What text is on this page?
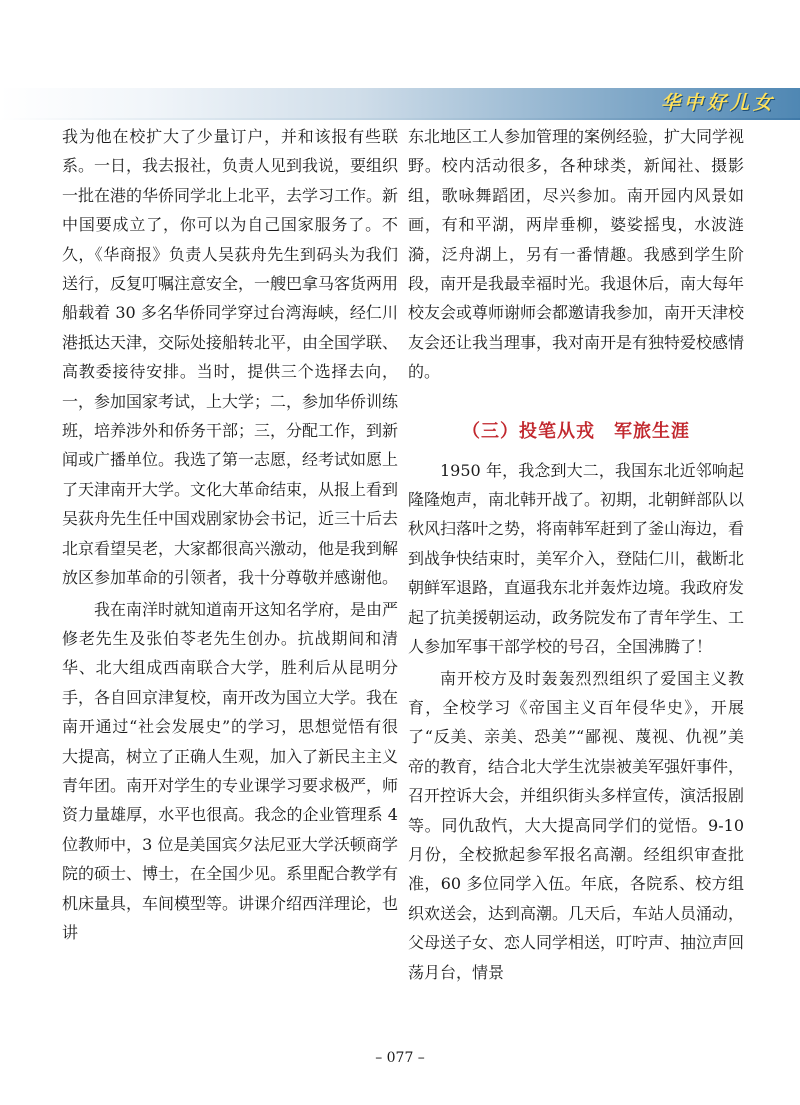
华中好儿女

我为他在校扩大了少量订户，并和该报有些联系。一日，我去报社，负责人见到我说，要组织一批在港的华侨同学北上北平，去学习工作。新中国要成立了，你可以为自己国家服务了。不久，《华商报》负责人吴荻舟先生到码头为我们送行，反复叮嘱注意安全，一艘巴拿马客货两用船载着 30 多名华侨同学穿过台湾海峡，经仁川港抵达天津，交际处接船转北平，由全国学联、高教委接待安排。当时，提供三个选择去向，一，参加国家考试，上大学；二，参加华侨训练班，培养涉外和侨务干部；三，分配工作，到新闻或广播单位。我选了第一志愿，经考试如愿上了天津南开大学。文化大革命结束，从报上看到吴荻舟先生任中国戏剧家协会书记，近三十后去北京看望吴老，大家都很高兴激动，他是我到解放区参加革命的引领者，我十分尊敬并感谢他。

我在南洋时就知道南开这知名学府，是由严修老先生及张伯苓老先生创办。抗战期间和清华、北大组成西南联合大学，胜利后从昆明分手，各自回京津复校，南开改为国立大学。我在南开通过“社会发展史”的学习，思想觉悟有很大提高，树立了正确人生观，加入了新民主主义青年团。南开对学生的专业课学习要求极严，师资力量雄厚，水平也很高。我念的企业管理系 4 位教师中，3 位是美国宾夕法尼亚大学沃顿商学院的硕士、博士，在全国少见。系里配合教学有机床量具，车间模型等。讲课介绍西洋理论，也讲

东北地区工人参加管理的案例经验，扩大同学视野。校内活动很多，各种球类，新闻社、摄影组，歌咏舞蹈团，尽兴参加。南开园内风景如画，有和平湖，两岸垂柳，婆娑摇曳，水波涟漪，泛舟湖上，另有一番情趣。我感到学生阶段，南开是我最幸福时光。我退休后，南大每年校友会或尊师谢师会都邀请我参加，南开天津校友会还让我当理事，我对南开是有独特爱校感情的。

（三）投笔从戎　军旅生涯

1950 年，我念到大二，我国东北近邻响起隆隆炮声，南北韩开战了。初期，北朝鲜部队以秋风扫落叶之势，将南韩军赶到了釜山海边，看到战争快结束时，美军介入，登陆仁川，截断北朝鲜军退路，直逼我东北并轰炸边境。我政府发起了抗美援朝运动，政务院发布了青年学生、工人参加军事干部学校的号召，全国沸腾了！

南开校方及时轰轰烈烈组织了爱国主义教育，全校学习《帝国主义百年侵华史》，开展了“反美、亲美、恐美”“鄙视、蔑视、仇视”美帝的教育，结合北大学生沈崇被美军强奸事件，召开控诉大会，并组织街头多样宣传，演活报剧等。同仇敌忾，大大提高同学们的觉悟。9-10 月份，全校掀起参军报名高潮。经组织审查批准，60 多位同学入伍。年底，各院系、校方组织欢送会，达到高潮。几天后，车站人员涌动，父母送子女、恋人同学相送，叮咛声、抽泣声回荡月台，情景

– 077 –
